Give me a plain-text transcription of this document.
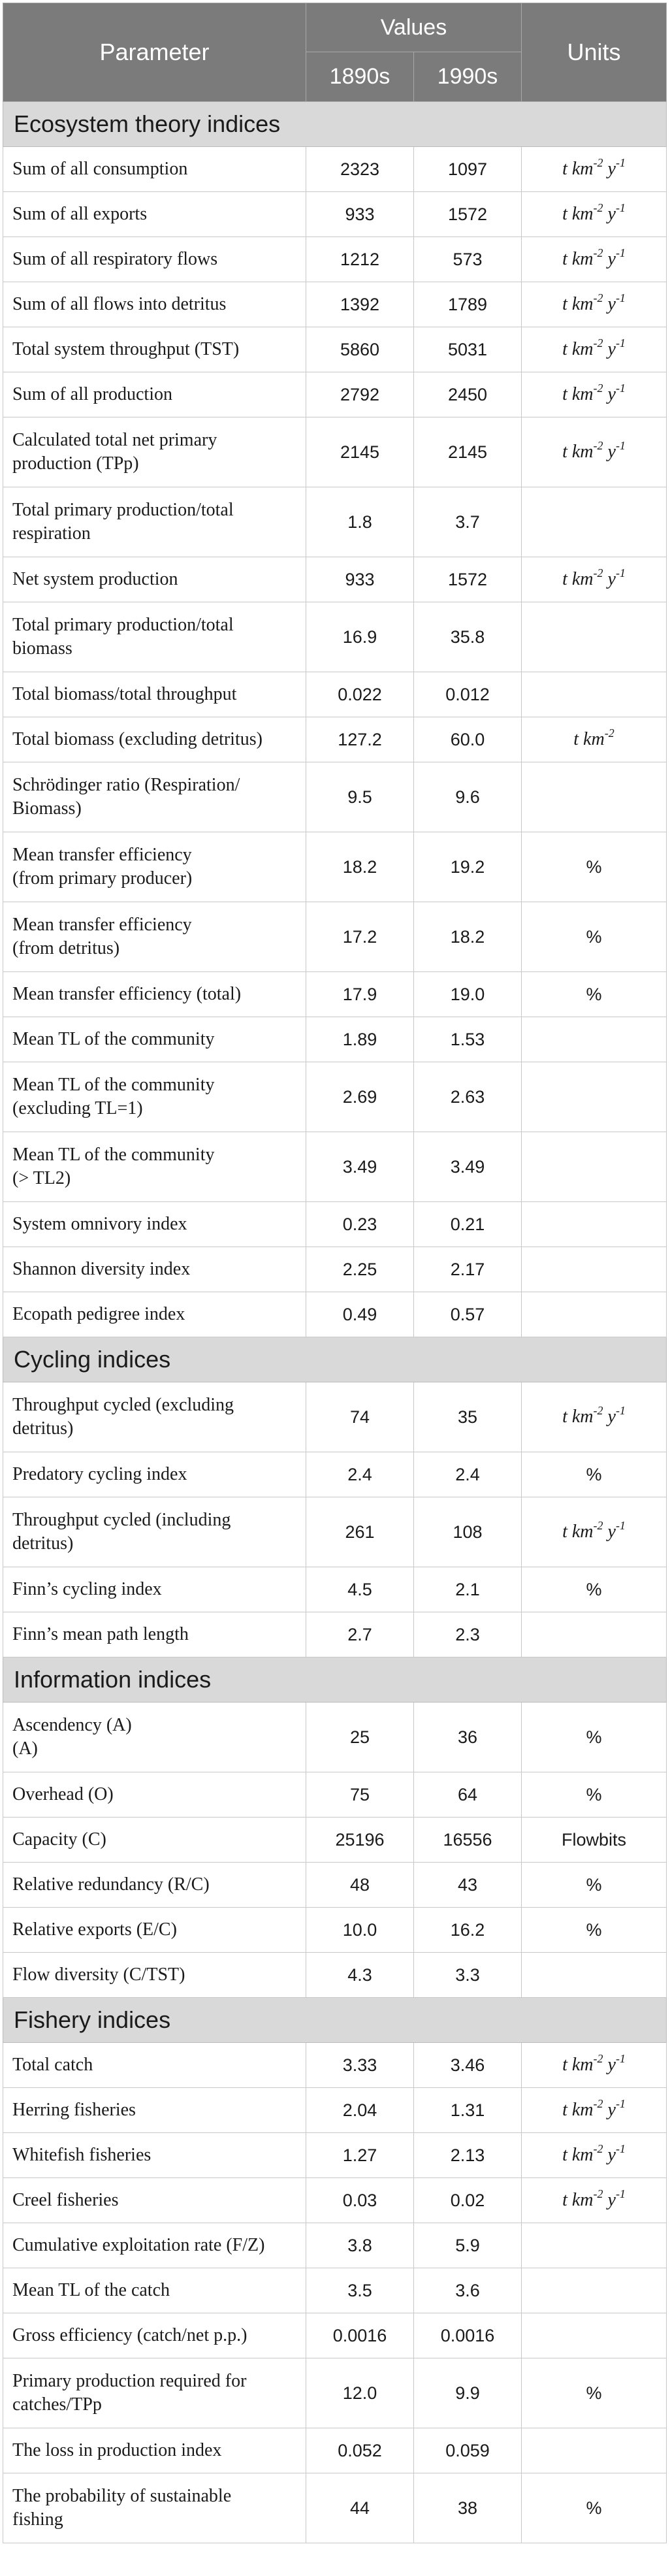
Parameter	Values		Units
	1890s	1990s	
Ecosystem theory indices			
Sum of all consumption	2323	1097	t $km^{-2}$ $y^{-1}$
Sum of all exports	933	1572	t $km^{-2}$ $y^{-1}$
Sum of all respiratory flows	1212	573	t $km^{-2}$ $y^{-1}$
Sum of all flows into detritus	1392	1789	t $km^{-2}$ $y^{-1}$
Total system throughput (TST)	5860	5031	t $km^{-2}$ $y^{-1}$
Sum of all production	2792	2450	t $km^{-2}$ $y^{-1}$
Calculated total net primary
production (TPp)	2145	2145	t $km^{-2}$ $y^{-1}$
Total primary production/total
respiration	1.8	3.7	
Net system production	933	1572	t $km^{-2}$ $y^{-1}$
Total primary production/total
biomass	16.9	35.8	
Total biomass/total throughput	0.022	0.012	
Total biomass (excluding detritus)	127.2	60.0	t $km^{-2}$
Schrödinger ratio (Respiration/
Biomass)	9.5	9.6	
Mean transfer efficiency
(from primary producer)	18.2	19.2	%
Mean transfer efficiency
(from detritus)	17.2	18.2	%
Mean transfer efficiency (total)	17.9	19.0	%
Mean TL of the community	1.89	1.53	
Mean TL of the community
(excluding TL=1)	2.69	2.63	
Mean TL of the community
(> TL2)	3.49	3.49	
System omnivory index	0.23	0.21	
Shannon diversity index	2.25	2.17	
Ecopath pedigree index	0.49	0.57	
Cycling indices			
Throughput cycled (excluding
detritus)	74	35	t $km^{-2}$ $y^{-1}$
Predatory cycling index	2.4	2.4	%
Throughput cycled (including
detritus)	261	108	t $km^{-2}$ $y^{-1}$
Finn’s cycling index	4.5	2.1	%
Finn’s mean path length	2.7	2.3	
Information indices			
Ascendency (A)
(A)	25	36	%
Overhead (O)	75	64	%
Capacity (C)	25196	16556	Flowbits
Relative redundancy (R/C)	48	43	%
Relative exports (E/C)	10.0	16.2	%
Flow diversity (C/TST)	4.3	3.3	
Fishery indices			
Total catch	3.33	3.46	t $km^{-2}$ $y^{-1}$
Herring fisheries	2.04	1.31	t $km^{-2}$ $y^{-1}$
Whitefish fisheries	1.27	2.13	t $km^{-2}$ $y^{-1}$
Creel fisheries	0.03	0.02	t $km^{-2}$ $y^{-1}$
Cumulative exploitation rate (F/Z)	3.8	5.9	
Mean TL of the catch	3.5	3.6	
Gross efficiency (catch/net p.p.)	0.0016	0.0016	
Primary production required for
catches/TPp	12.0	9.9	%
The loss in production index	0.052	0.059	
The probability of sustainable
fishing	44	38	%
